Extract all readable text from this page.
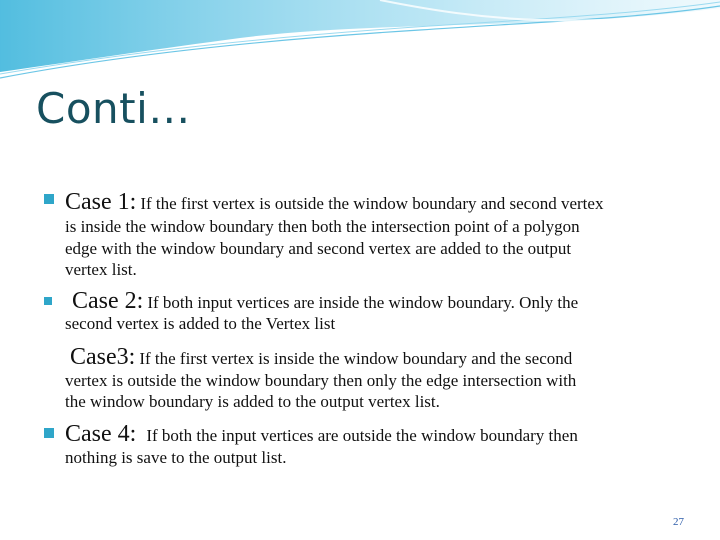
Conti…
Case 1: If the first vertex is outside the window boundary and second vertex
is inside the window boundary then both the intersection point of a polygon
edge with the window boundary and second vertex are added to the output
vertex list.
Case 2: If both input vertices are inside the window boundary. Only the
second vertex is added to the Vertex list
Case3: If the first vertex is inside the window boundary and the second
vertex is outside the window boundary then only the edge intersection with
the window boundary is added to the output vertex list.
Case 4: If both the input vertices are outside the window boundary then
nothing is save to the output list.
27
